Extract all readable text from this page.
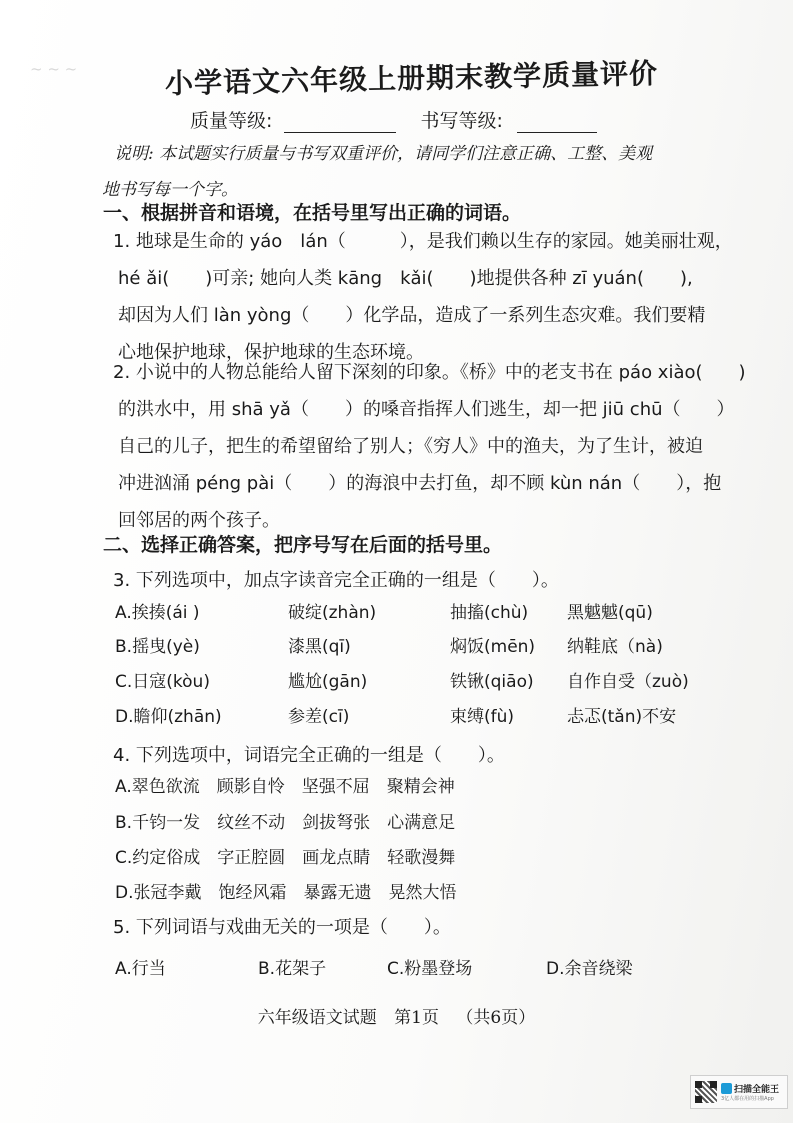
~ ~ ~	小学语文六年级上册期末教学质量评价
质量等级:	书写等级:
说明: 本试题实行质量与书写双重评价，请同学们注意正确、工整、美观
地书写每一个字。
一、根据拼音和语境，在括号里写出正确的词语。
1. 地球是生命的 yáo　lán（　　　），是我们赖以生存的家园。她美丽壮观，
hé ǎi(　　)可亲; 她向人类 kāng　kǎi(　　)地提供各种 zī yuán(　　),
却因为人们 làn yòng（　　）化学品，造成了一系列生态灾难。我们要精
心地保护地球，保护地球的生态环境。
2. 小说中的人物总能给人留下深刻的印象。《桥》中的老支书在 páo xiào(　　)
的洪水中，用 shā yǎ（　　）的嗓音指挥人们逃生，却一把 jiū chū（　　）
自己的儿子，把生的希望留给了别人；《穷人》中的渔夫，为了生计，被迫
冲进汹涌 péng pài（　　）的海浪中去打鱼，却不顾 kùn nán（　　），抱
回邻居的两个孩子。
二、选择正确答案，把序号写在后面的括号里。
3. 下列选项中，加点字读音完全正确的一组是（　　）。
A.挨揍(ái )	破绽(zhàn)	抽搐(chù) 黑魆魆(qū)
B.摇曳(yè)	漆黑(qī)	焖饭(mēn) 纳鞋底（nà)
C.日寇(kòu)	尴尬(gān)	铁锹(qiāo) 自作自受（zuò)
D.瞻仰(zhān)	参差(cī)	束缚(fù)	忐忑(tǎn)不安
4. 下列选项中，词语完全正确的一组是（　　）。
A.翠色欲流　顾影自怜　坚强不屈　聚精会神
B.千钧一发　纹丝不动　剑拔弩张　心满意足
C.约定俗成　字正腔圆　画龙点睛　轻歌漫舞
D.张冠李戴　饱经风霜　暴露无遗　晃然大悟
5. 下列词语与戏曲无关的一项是（　　）。
A.行当	B.花架子	C.粉墨登场	D.余音绕梁
六年级语文试题 第1页 （共6页）
扫描全能王
3亿人都在用的扫描App
